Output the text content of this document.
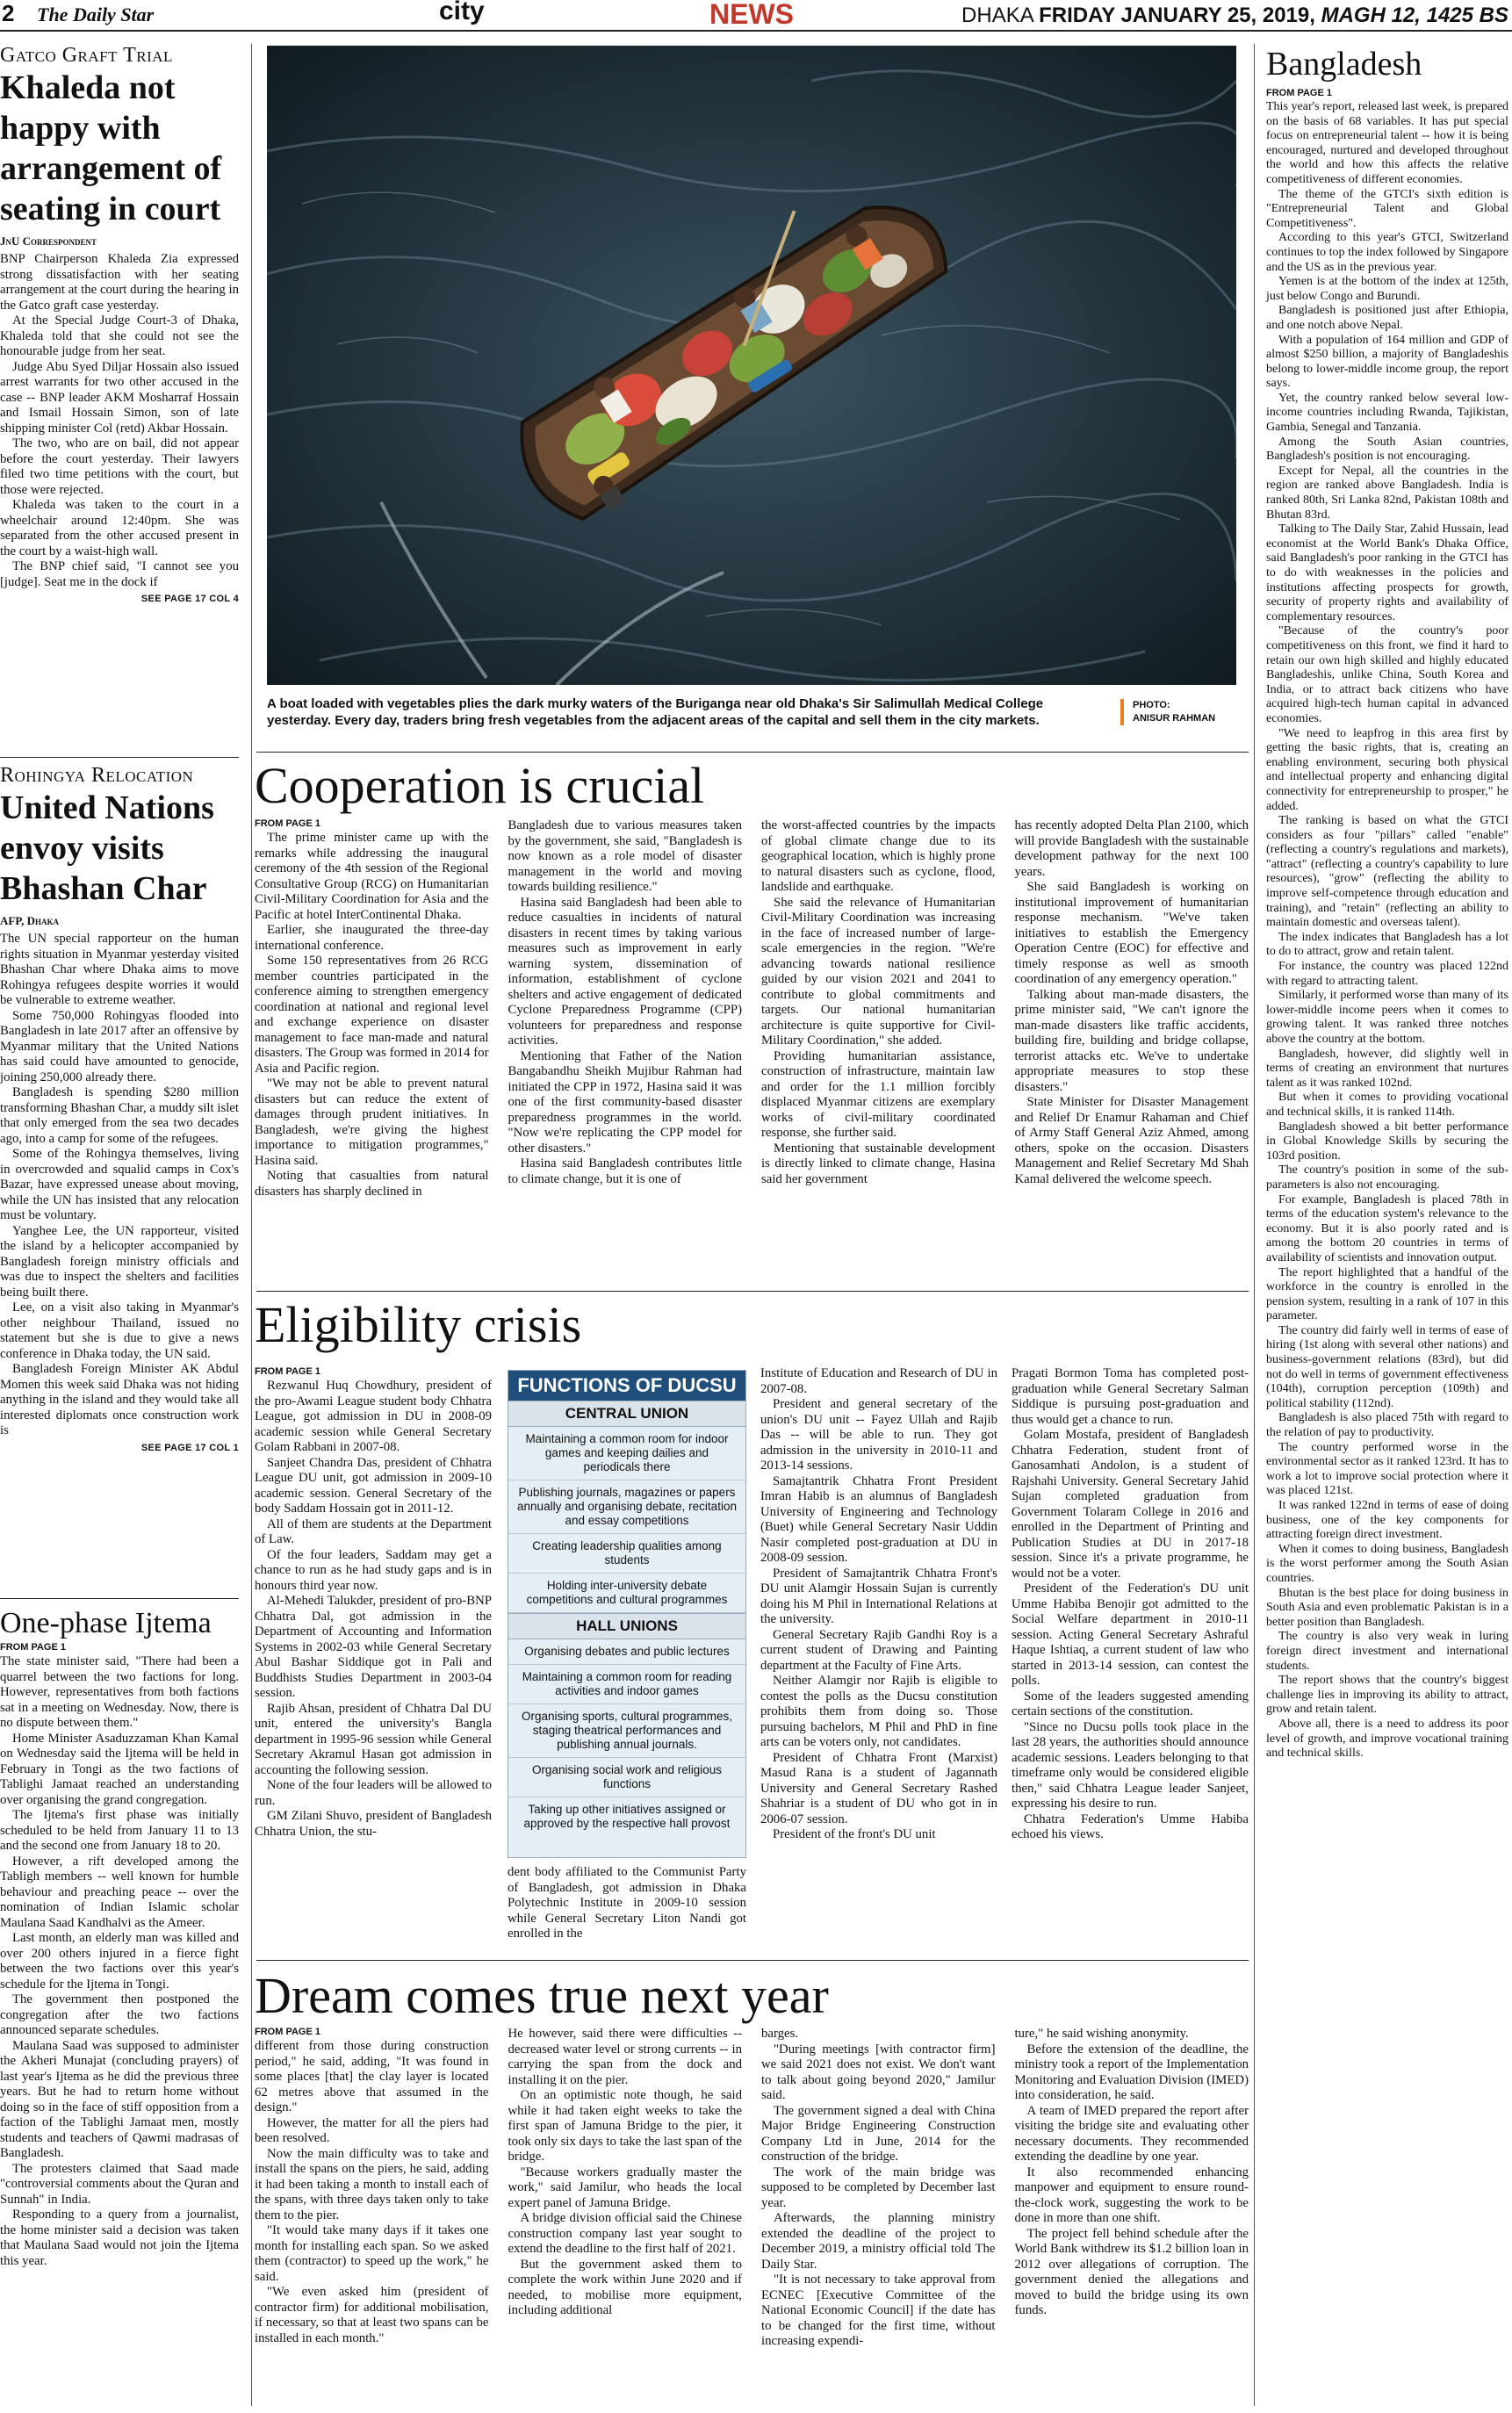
2 The Daily Star	city	NEWS	DHAKA FRIDAY JANUARY 25, 2019, MAGH 12, 1425 BS
Gatco Graft Trial
Khaleda not happy with arrangement of seating in court
JnU Correspondent

BNP Chairperson Khaleda Zia expressed strong dissatisfaction with her seating arrangement at the court during the hearing in the Gatco graft case yesterday.

At the Special Judge Court-3 of Dhaka, Khaleda told that she could not see the honourable judge from her seat.

Judge Abu Syed Diljar Hossain also issued arrest warrants for two other accused in the case -- BNP leader AKM Mosharraf Hossain and Ismail Hossain Simon, son of late shipping minister Col (retd) Akbar Hossain.

The two, who are on bail, did not appear before the court yesterday. Their lawyers filed two time petitions with the court, but those were rejected.

Khaleda was taken to the court in a wheelchair around 12:40pm. She was separated from the other accused present in the court by a waist-high wall.

The BNP chief said, "I cannot see you [judge]. Seat me in the dock if

SEE PAGE 17 COL 4
Rohingya Relocation
United Nations envoy visits Bhashan Char
AFP, Dhaka

The UN special rapporteur on the human rights situation in Myanmar yesterday visited Bhashan Char where Dhaka aims to move Rohingya refugees despite worries it would be vulnerable to extreme weather.

Some 750,000 Rohingyas flooded into Bangladesh in late 2017 after an offensive by Myanmar military that the United Nations has said could have amounted to genocide, joining 250,000 already there.

Bangladesh is spending $280 million transforming Bhashan Char, a muddy silt islet that only emerged from the sea two decades ago, into a camp for some of the refugees.

Some of the Rohingya themselves, living in overcrowded and squalid camps in Cox's Bazar, have expressed unease about moving, while the UN has insisted that any relocation must be voluntary.

Yanghee Lee, the UN rapporteur, visited the island by a helicopter accompanied by Bangladesh foreign ministry officials and was due to inspect the shelters and facilities being built there.

Lee, on a visit also taking in Myanmar's other neighbour Thailand, issued no statement but she is due to give a news conference in Dhaka today, the UN said.

Bangladesh Foreign Minister AK Abdul Momen this week said Dhaka was not hiding anything in the island and they would take all interested diplomats once construction work is

SEE PAGE 17 COL 1
One-phase Ijtema
FROM PAGE 1

The state minister said, "There had been a quarrel between the two factions for long. However, representatives from both factions sat in a meeting on Wednesday. Now, there is no dispute between them."

Home Minister Asaduzzaman Khan Kamal on Wednesday said the Ijtema will be held in February in Tongi as the two factions of Tablighi Jamaat reached an understanding over organising the grand congregation.

The Ijtema's first phase was initially scheduled to be held from January 11 to 13 and the second one from January 18 to 20.

However, a rift developed among the Tabligh members -- well known for humble behaviour and preaching peace -- over the nomination of Indian Islamic scholar Maulana Saad Kandhalvi as the Ameer.

Last month, an elderly man was killed and over 200 others injured in a fierce fight between the two factions over this year's schedule for the Ijtema in Tongi.

The government then postponed the congregation after the two factions announced separate schedules.

Maulana Saad was supposed to administer the Akheri Munajat (concluding prayers) of last year's Ijtema as he did the previous three years. But he had to return home without doing so in the face of stiff opposition from a faction of the Tablighi Jamaat men, mostly students and teachers of Qawmi madrasas of Bangladesh.

The protesters claimed that Saad made "controversial comments about the Quran and Sunnah" in India.

Responding to a query from a journalist, the home minister said a decision was taken that Maulana Saad would not join the Ijtema this year.

A boat loaded with vegetables plies the dark murky waters of the Buriganga near old Dhaka's Sir Salimullah Medical College yesterday. Every day, traders bring fresh vegetables from the adjacent areas of the capital and sell them in the city markets.
PHOTO:
ANISUR RAHMAN
Cooperation is crucial
FROM PAGE 1

The prime minister came up with the remarks while addressing the inaugural ceremony of the 4th session of the Regional Consultative Group (RCG) on Humanitarian Civil-Military Coordination for Asia and the Pacific at hotel InterContinental Dhaka.

Earlier, she inaugurated the three-day international conference.

Some 150 representatives from 26 RCG member countries participated in the conference aiming to strengthen emergency coordination at national and regional level and exchange experience on disaster management to face man-made and natural disasters. The Group was formed in 2014 for Asia and Pacific region.

"We may not be able to prevent natural disasters but can reduce the extent of damages through prudent initiatives. In Bangladesh, we're giving the highest importance to mitigation programmes," Hasina said.

Noting that casualties from natural disasters has sharply declined in

Bangladesh due to various measures taken by the government, she said, "Bangladesh is now known as a role model of disaster management in the world and moving towards building resilience."

Hasina said Bangladesh had been able to reduce casualties in incidents of natural disasters in recent times by taking various measures such as improvement in early warning system, dissemination of information, establishment of cyclone shelters and active engagement of dedicated Cyclone Preparedness Programme (CPP) volunteers for preparedness and response activities.

Mentioning that Father of the Nation Bangabandhu Sheikh Mujibur Rahman had initiated the CPP in 1972, Hasina said it was one of the first community-based disaster preparedness programmes in the world. "Now we're replicating the CPP model for other disasters."

Hasina said Bangladesh contributes little to climate change, but it is one of

the worst-affected countries by the impacts of global climate change due to its geographical location, which is highly prone to natural disasters such as cyclone, flood, landslide and earthquake.

She said the relevance of Humanitarian Civil-Military Coordination was increasing in the face of increased number of large-scale emergencies in the region. "We're advancing towards national resilience guided by our vision 2021 and 2041 to contribute to global commitments and targets. Our national humanitarian architecture is quite supportive for Civil-Military Coordination," she added.

Providing humanitarian assistance, construction of infrastructure, maintain law and order for the 1.1 million forcibly displaced Myanmar citizens are exemplary works of civil-military coordinated response, she further said.

Mentioning that sustainable development is directly linked to climate change, Hasina said her government

has recently adopted Delta Plan 2100, which will provide Bangladesh with the sustainable development pathway for the next 100 years.

She said Bangladesh is working on institutional improvement of humanitarian response mechanism. "We've taken initiatives to establish the Emergency Operation Centre (EOC) for effective and timely response as well as smooth coordination of any emergency operation."

Talking about man-made disasters, the prime minister said, "We can't ignore the man-made disasters like traffic accidents, building fire, building and bridge collapse, terrorist attacks etc. We've to undertake appropriate measures to stop these disasters."

State Minister for Disaster Management and Relief Dr Enamur Rahaman and Chief of Army Staff General Aziz Ahmed, among others, spoke on the occasion. Disasters Management and Relief Secretary Md Shah Kamal delivered the welcome speech.

Eligibility crisis
FROM PAGE 1

Rezwanul Huq Chowdhury, president of the pro-Awami League student body Chhatra League, got admission in DU in 2008-09 academic session while General Secretary Golam Rabbani in 2007-08.

Sanjeet Chandra Das, president of Chhatra League DU unit, got admission in 2009-10 academic session. General Secretary of the body Saddam Hossain got in 2011-12.

All of them are students at the Department of Law.

Of the four leaders, Saddam may get a chance to run as he had study gaps and is in honours third year now.

Al-Mehedi Talukder, president of pro-BNP Chhatra Dal, got admission in the Department of Accounting and Information Systems in 2002-03 while General Secretary Abul Bashar Siddique got in Pali and Buddhists Studies Department in 2003-04 session.

Rajib Ahsan, president of Chhatra Dal DU unit, entered the university's Bangla department in 1995-96 session while General Secretary Akramul Hasan got admission in accounting the following session.

None of the four leaders will be allowed to run.

GM Zilani Shuvo, president of Bangladesh Chhatra Union, the stu-

FUNCTIONS OF DUCSU
CENTRAL UNION
Maintaining a common room for indoor games and keeping dailies and periodicals there
Publishing journals, magazines or papers annually and organising debate, recitation and essay competitions
Creating leadership qualities among students
Holding inter-university debate competitions and cultural programmes
HALL UNIONS
Organising debates and public lectures
Maintaining a common room for reading activities and indoor games
Organising sports, cultural programmes, staging theatrical performances and publishing annual journals.
Organising social work and religious functions
Taking up other initiatives assigned or approved by the respective hall provost

dent body affiliated to the Communist Party of Bangladesh, got admission in Dhaka Polytechnic Institute in 2009-10 session while General Secretary Liton Nandi got enrolled in the

Institute of Education and Research of DU in 2007-08.

President and general secretary of the union's DU unit -- Fayez Ullah and Rajib Das -- will be able to run. They got admission in the university in 2010-11 and 2013-14 sessions.

Samajtantrik Chhatra Front President Imran Habib is an alumnus of Bangladesh University of Engineering and Technology (Buet) while General Secretary Nasir Uddin Nasir completed post-graduation at DU in 2008-09 session.

President of Samajtantrik Chhatra Front's DU unit Alamgir Hossain Sujan is currently doing his M Phil in International Relations at the university.

General Secretary Rajib Gandhi Roy is a current student of Drawing and Painting department at the Faculty of Fine Arts.

Neither Alamgir nor Rajib is eligible to contest the polls as the Ducsu constitution prohibits them from doing so. Those pursuing bachelors, M Phil and PhD in fine arts can be voters only, not candidates.

President of Chhatra Front (Marxist) Masud Rana is a student of Jagannath University and General Secretary Rashed Shahriar is a student of DU who got in in 2006-07 session.

President of the front's DU unit

Pragati Bormon Toma has completed post-graduation while General Secretary Salman Siddique is pursuing post-graduation and thus would get a chance to run.

Golam Mostafa, president of Bangladesh Chhatra Federation, student front of Ganosamhati Andolon, is a student of Rajshahi University. General Secretary Jahid Sujan completed graduation from Government Tolaram College in 2016 and enrolled in the Department of Printing and Publication Studies at DU in 2017-18 session. Since it's a private programme, he would not be a voter.

President of the Federation's DU unit Umme Habiba Benojir got admitted to the Social Welfare department in 2010-11 session. Acting General Secretary Ashraful Haque Ishtiaq, a current student of law who started in 2013-14 session, can contest the polls.

Some of the leaders suggested amending certain sections of the constitution.

"Since no Ducsu polls took place in the last 28 years, the authorities should announce academic sessions. Leaders belonging to that timeframe only would be considered eligible then," said Chhatra League leader Sanjeet, expressing his desire to run.

Chhatra Federation's Umme Habiba echoed his views.

Dream comes true next year
FROM PAGE 1

different from those during construction period," he said, adding, "It was found in some places [that] the clay layer is located 62 metres above that assumed in the design."

However, the matter for all the piers had been resolved.

Now the main difficulty was to take and install the spans on the piers, he said, adding it had been taking a month to install each of the spans, with three days taken only to take them to the pier.

"It would take many days if it takes one month for installing each span. So we asked them (contractor) to speed up the work," he said.

"We even asked him (president of contractor firm) for additional mobilisation, if necessary, so that at least two spans can be installed in each month."

He however, said there were difficulties -- decreased water level or strong currents -- in carrying the span from the dock and installing it on the pier.

On an optimistic note though, he said while it had taken eight weeks to take the first span of Jamuna Bridge to the pier, it took only six days to take the last span of the bridge.

"Because workers gradually master the work," said Jamilur, who heads the local expert panel of Jamuna Bridge.

A bridge division official said the Chinese construction company last year sought to extend the deadline to the first half of 2021.

But the government asked them to complete the work within June 2020 and if needed, to mobilise more equipment, including additional

barges.

"During meetings [with contractor firm] we said 2021 does not exist. We don't want to talk about going beyond 2020," Jamilur said.

The government signed a deal with China Major Bridge Engineering Construction Company Ltd in June, 2014 for the construction of the bridge.

The work of the main bridge was supposed to be completed by December last year.

Afterwards, the planning ministry extended the deadline of the project to December 2019, a ministry official told The Daily Star.

"It is not necessary to take approval from ECNEC [Executive Committee of the National Economic Council] if the date has to be changed for the first time, without increasing expendi-

ture," he said wishing anonymity.

Before the extension of the deadline, the ministry took a report of the Implementation Monitoring and Evaluation Division (IMED) into consideration, he said.

A team of IMED prepared the report after visiting the bridge site and evaluating other necessary documents. They recommended extending the deadline by one year.

It also recommended enhancing manpower and equipment to ensure round-the-clock work, suggesting the work to be done in more than one shift.

The project fell behind schedule after the World Bank withdrew its $1.2 billion loan in 2012 over allegations of corruption. The government denied the allegations and moved to build the bridge using its own funds.

Bangladesh
FROM PAGE 1

This year's report, released last week, is prepared on the basis of 68 variables. It has put special focus on entrepreneurial talent -- how it is being encouraged, nurtured and developed throughout the world and how this affects the relative competitiveness of different economies.

The theme of the GTCI's sixth edition is "Entrepreneurial Talent and Global Competitiveness".

According to this year's GTCI, Switzerland continues to top the index followed by Singapore and the US as in the previous year.

Yemen is at the bottom of the index at 125th, just below Congo and Burundi.

Bangladesh is positioned just after Ethiopia, and one notch above Nepal.

With a population of 164 million and GDP of almost $250 billion, a majority of Bangladeshis belong to lower-middle income group, the report says.

Yet, the country ranked below several low-income countries including Rwanda, Tajikistan, Gambia, Senegal and Tanzania.

Among the South Asian countries, Bangladesh's position is not encouraging.

Except for Nepal, all the countries in the region are ranked above Bangladesh. India is ranked 80th, Sri Lanka 82nd, Pakistan 108th and Bhutan 83rd.

Talking to The Daily Star, Zahid Hussain, lead economist at the World Bank's Dhaka Office, said Bangladesh's poor ranking in the GTCI has to do with weaknesses in the policies and institutions affecting prospects for growth, security of property rights and availability of complementary resources.

"Because of the country's poor competitiveness on this front, we find it hard to retain our own high skilled and highly educated Bangladeshis, unlike China, South Korea and India, or to attract back citizens who have acquired high-tech human capital in advanced economies.

"We need to leapfrog in this area first by getting the basic rights, that is, creating an enabling environment, securing both physical and intellectual property and enhancing digital connectivity for entrepreneurship to prosper," he added.

The ranking is based on what the GTCI considers as four "pillars" called "enable" (reflecting a country's regulations and markets), "attract" (reflecting a country's capability to lure resources), "grow" (reflecting the ability to improve self-competence through education and training), and "retain" (reflecting an ability to maintain domestic and overseas talent).

The index indicates that Bangladesh has a lot to do to attract, grow and retain talent.

For instance, the country was placed 122nd with regard to attracting talent.

Similarly, it performed worse than many of its lower-middle income peers when it comes to growing talent. It was ranked three notches above the country at the bottom.

Bangladesh, however, did slightly well in terms of creating an environment that nurtures talent as it was ranked 102nd.

But when it comes to providing vocational and technical skills, it is ranked 114th.

Bangladesh showed a bit better performance in Global Knowledge Skills by securing the 103rd position.

The country's position in some of the sub-parameters is also not encouraging.

For example, Bangladesh is placed 78th in terms of the education system's relevance to the economy. But it is also poorly rated and is among the bottom 20 countries in terms of availability of scientists and innovation output.

The report highlighted that a handful of the workforce in the country is enrolled in the pension system, resulting in a rank of 107 in this parameter.

The country did fairly well in terms of ease of hiring (1st along with several other nations) and business-government relations (83rd), but did not do well in terms of government effectiveness (104th), corruption perception (109th) and political stability (112nd).

Bangladesh is also placed 75th with regard to the relation of pay to productivity.

The country performed worse in the environmental sector as it ranked 123rd. It has to work a lot to improve social protection where it was placed 121st.

It was ranked 122nd in terms of ease of doing business, one of the key components for attracting foreign direct investment.

When it comes to doing business, Bangladesh is the worst performer among the South Asian countries.

Bhutan is the best place for doing business in South Asia and even problematic Pakistan is in a better position than Bangladesh.

The country is also very weak in luring foreign direct investment and international students.

The report shows that the country's biggest challenge lies in improving its ability to attract, grow and retain talent.

Above all, there is a need to address its poor level of growth, and improve vocational training and technical skills.
